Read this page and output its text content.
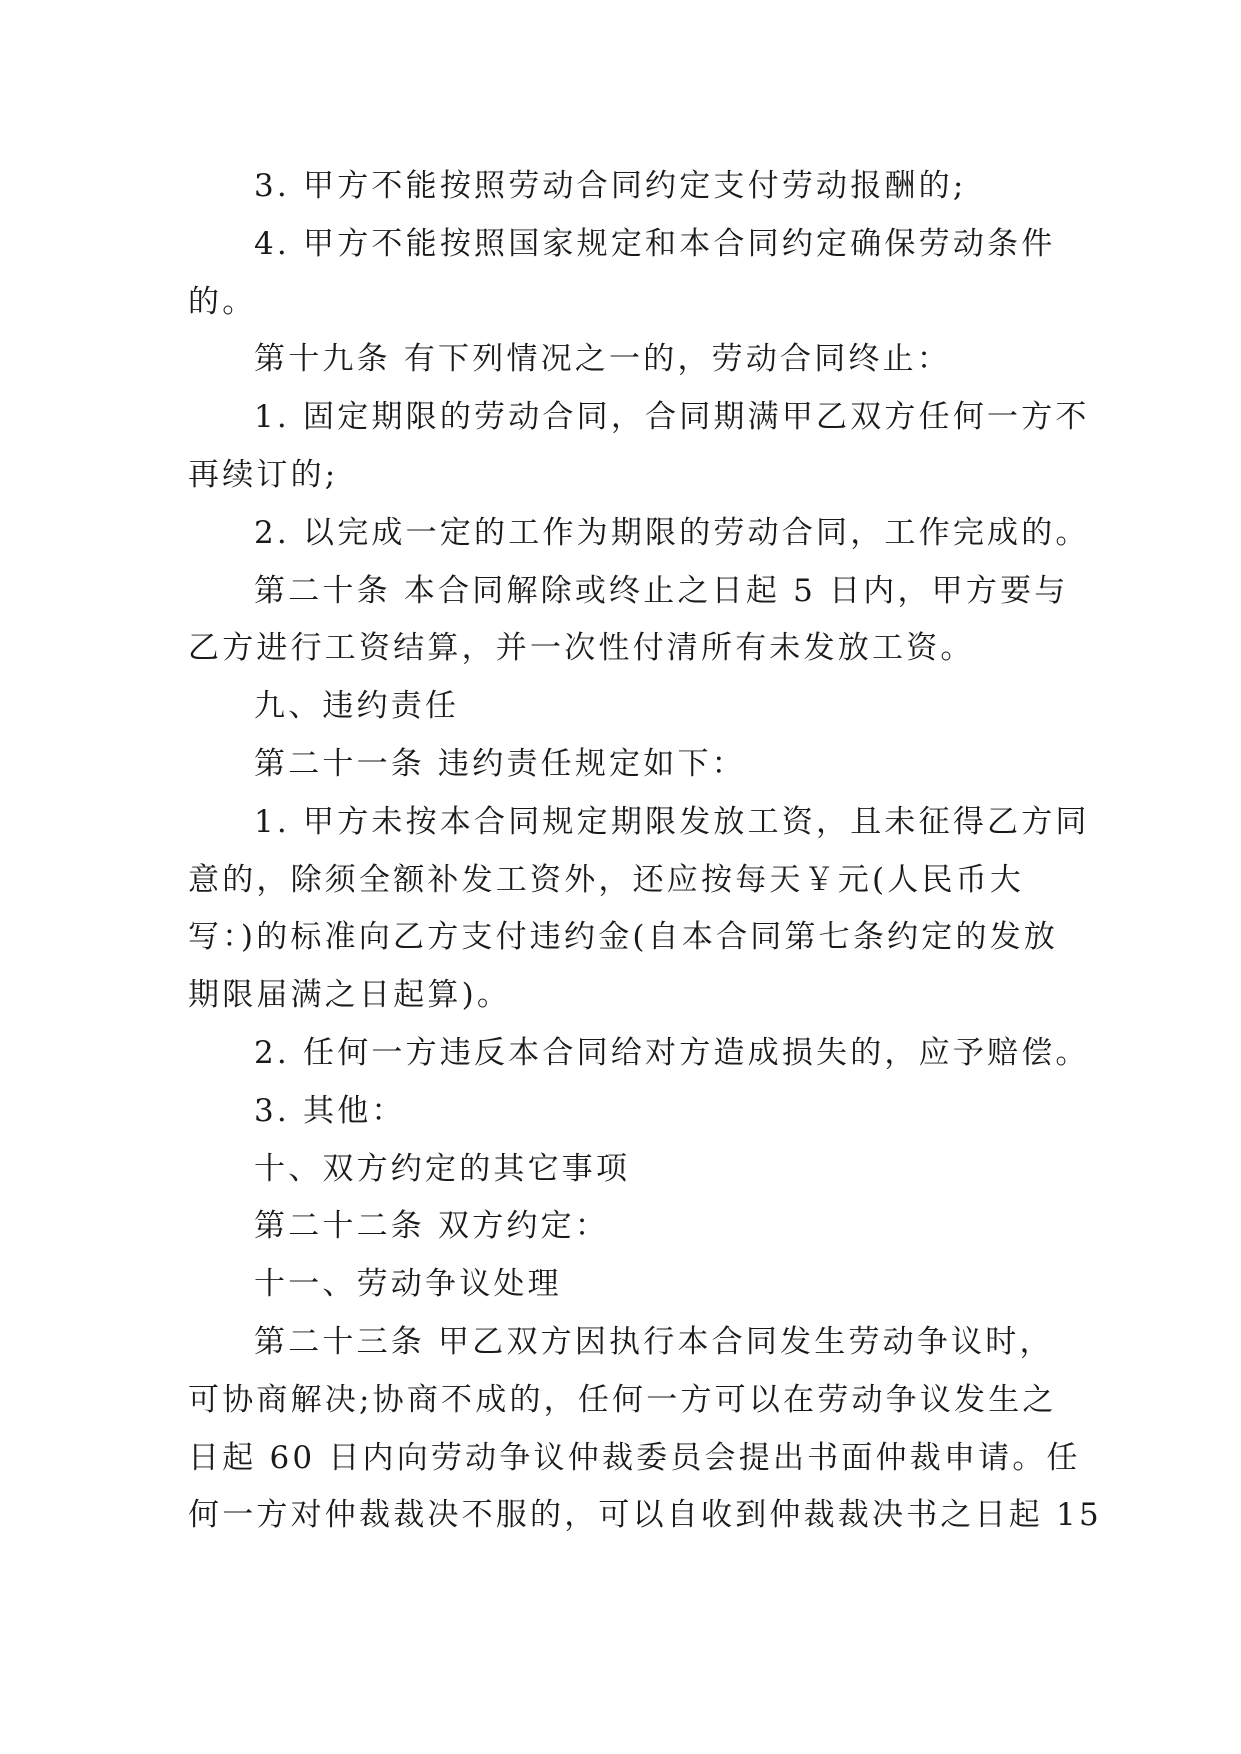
3. 甲方不能按照劳动合同约定支付劳动报酬的;
4. 甲方不能按照国家规定和本合同约定确保劳动条件
的。
第十九条 有下列情况之一的，劳动合同终止：
1. 固定期限的劳动合同，合同期满甲乙双方任何一方不
再续订的;
2. 以完成一定的工作为期限的劳动合同，工作完成的。
第二十条 本合同解除或终止之日起 5 日内，甲方要与
乙方进行工资结算，并一次性付清所有未发放工资。
九、违约责任
第二十一条 违约责任规定如下：
1. 甲方未按本合同规定期限发放工资，且未征得乙方同
意的，除须全额补发工资外，还应按每天￥元(人民币大
写：)的标准向乙方支付违约金(自本合同第七条约定的发放
期限届满之日起算)。
2. 任何一方违反本合同给对方造成损失的，应予赔偿。
3. 其他：
十、双方约定的其它事项
第二十二条 双方约定：
十一、劳动争议处理
第二十三条 甲乙双方因执行本合同发生劳动争议时，
可协商解决;协商不成的，任何一方可以在劳动争议发生之
日起 60 日内向劳动争议仲裁委员会提出书面仲裁申请。任
何一方对仲裁裁决不服的，可以自收到仲裁裁决书之日起 15
